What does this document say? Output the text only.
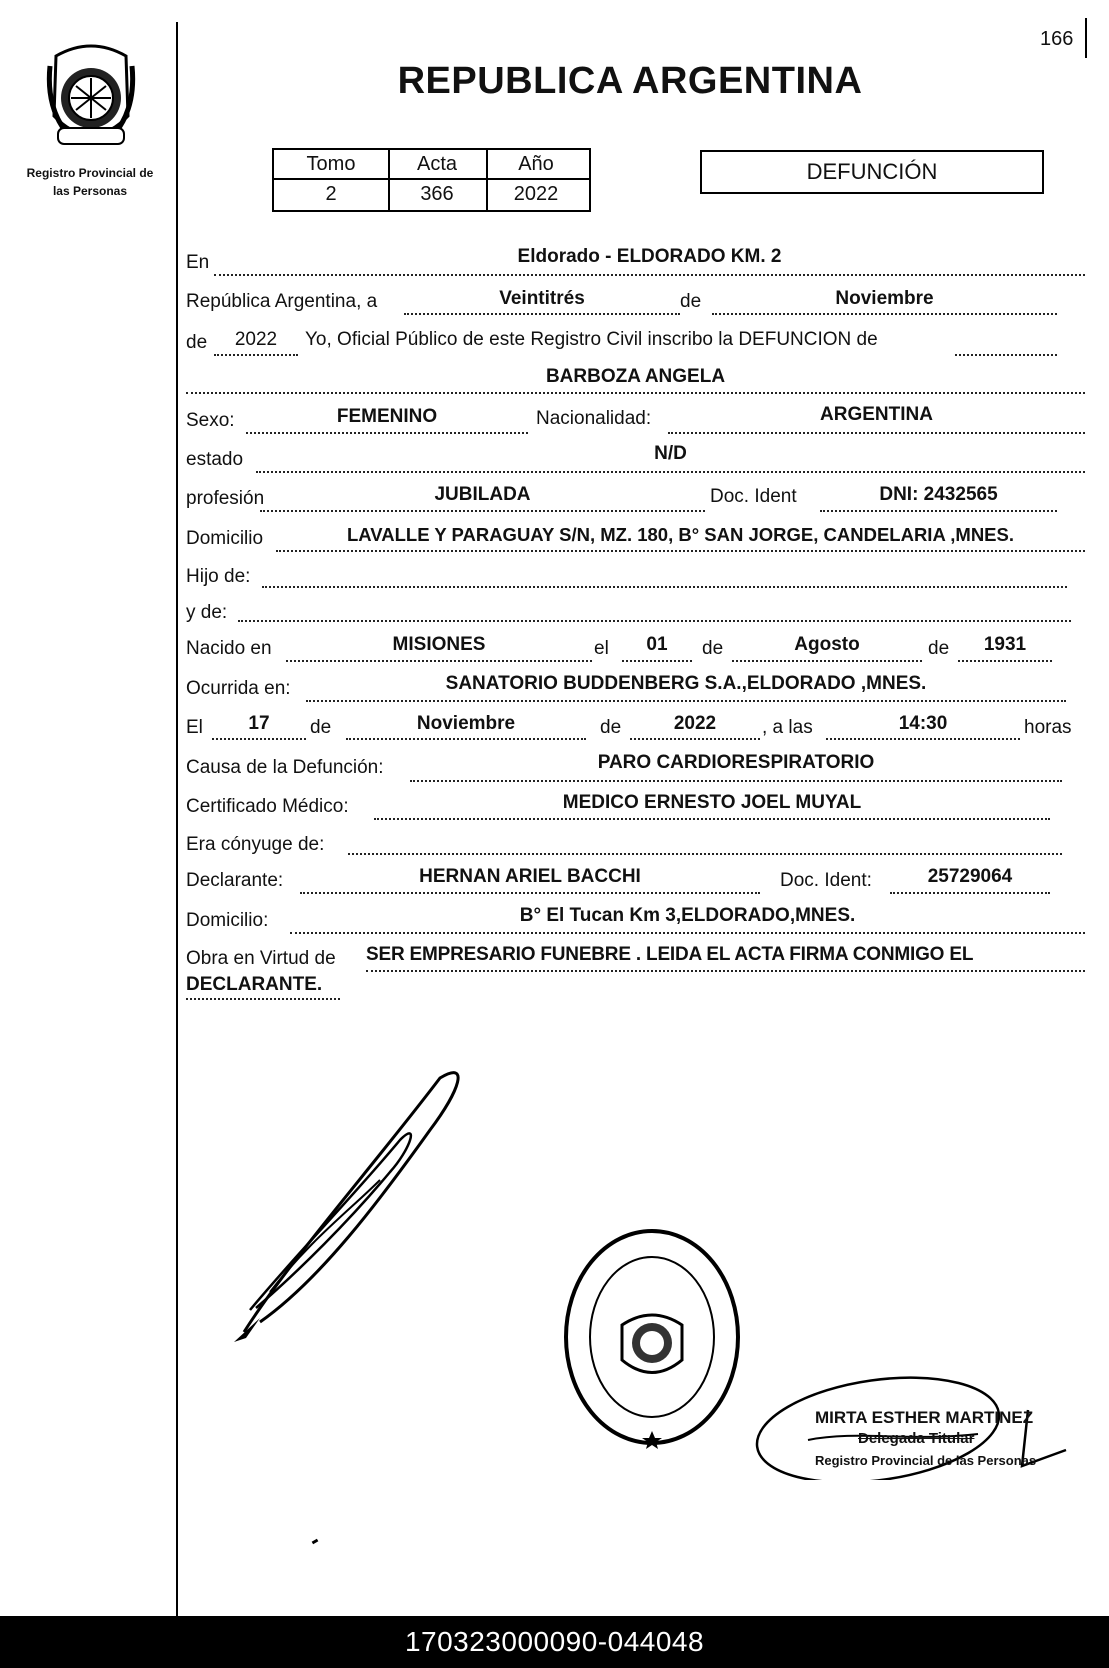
166
Registro Provincial de
las Personas
REPUBLICA ARGENTINA
Tomo	Acta	Año
2	366	2022
DEFUNCIÓN
En	Eldorado - ELDORADO KM. 2
República Argentina, a	Veintitrés	de	Noviembre
de	2022	Yo, Oficial Público de este Registro Civil inscribo la DEFUNCION de
BARBOZA ANGELA
Sexo:	FEMENINO	Nacionalidad:	ARGENTINA
estado	N/D
profesión	JUBILADA	Doc. Ident	DNI: 2432565
Domicilio	LAVALLE Y PARAGUAY S/N, MZ. 180, B° SAN JORGE, CANDELARIA ,MNES.
Hijo de:
y de:
Nacido en	MISIONES	el	01	de	Agosto	de	1931
Ocurrida en:	SANATORIO BUDDENBERG S.A.,ELDORADO ,MNES.
El	17	de	Noviembre	de	2022	, a las	14:30	horas
Causa de la Defunción:	PARO CARDIORESPIRATORIO
Certificado Médico:	MEDICO ERNESTO JOEL MUYAL
Era cónyuge de:
Declarante:	HERNAN ARIEL BACCHI	Doc. Ident:	25729064
Domicilio:	B° El Tucan Km 3,ELDORADO,MNES.
Obra en Virtud de SER EMPRESARIO FUNEBRE . LEIDA EL ACTA FIRMA CONMIGO EL
DECLARANTE.
MIRTA ESTHER MARTINEZ
Delegada Titular
Registro Provincial de las Personas
170323000090-044048
